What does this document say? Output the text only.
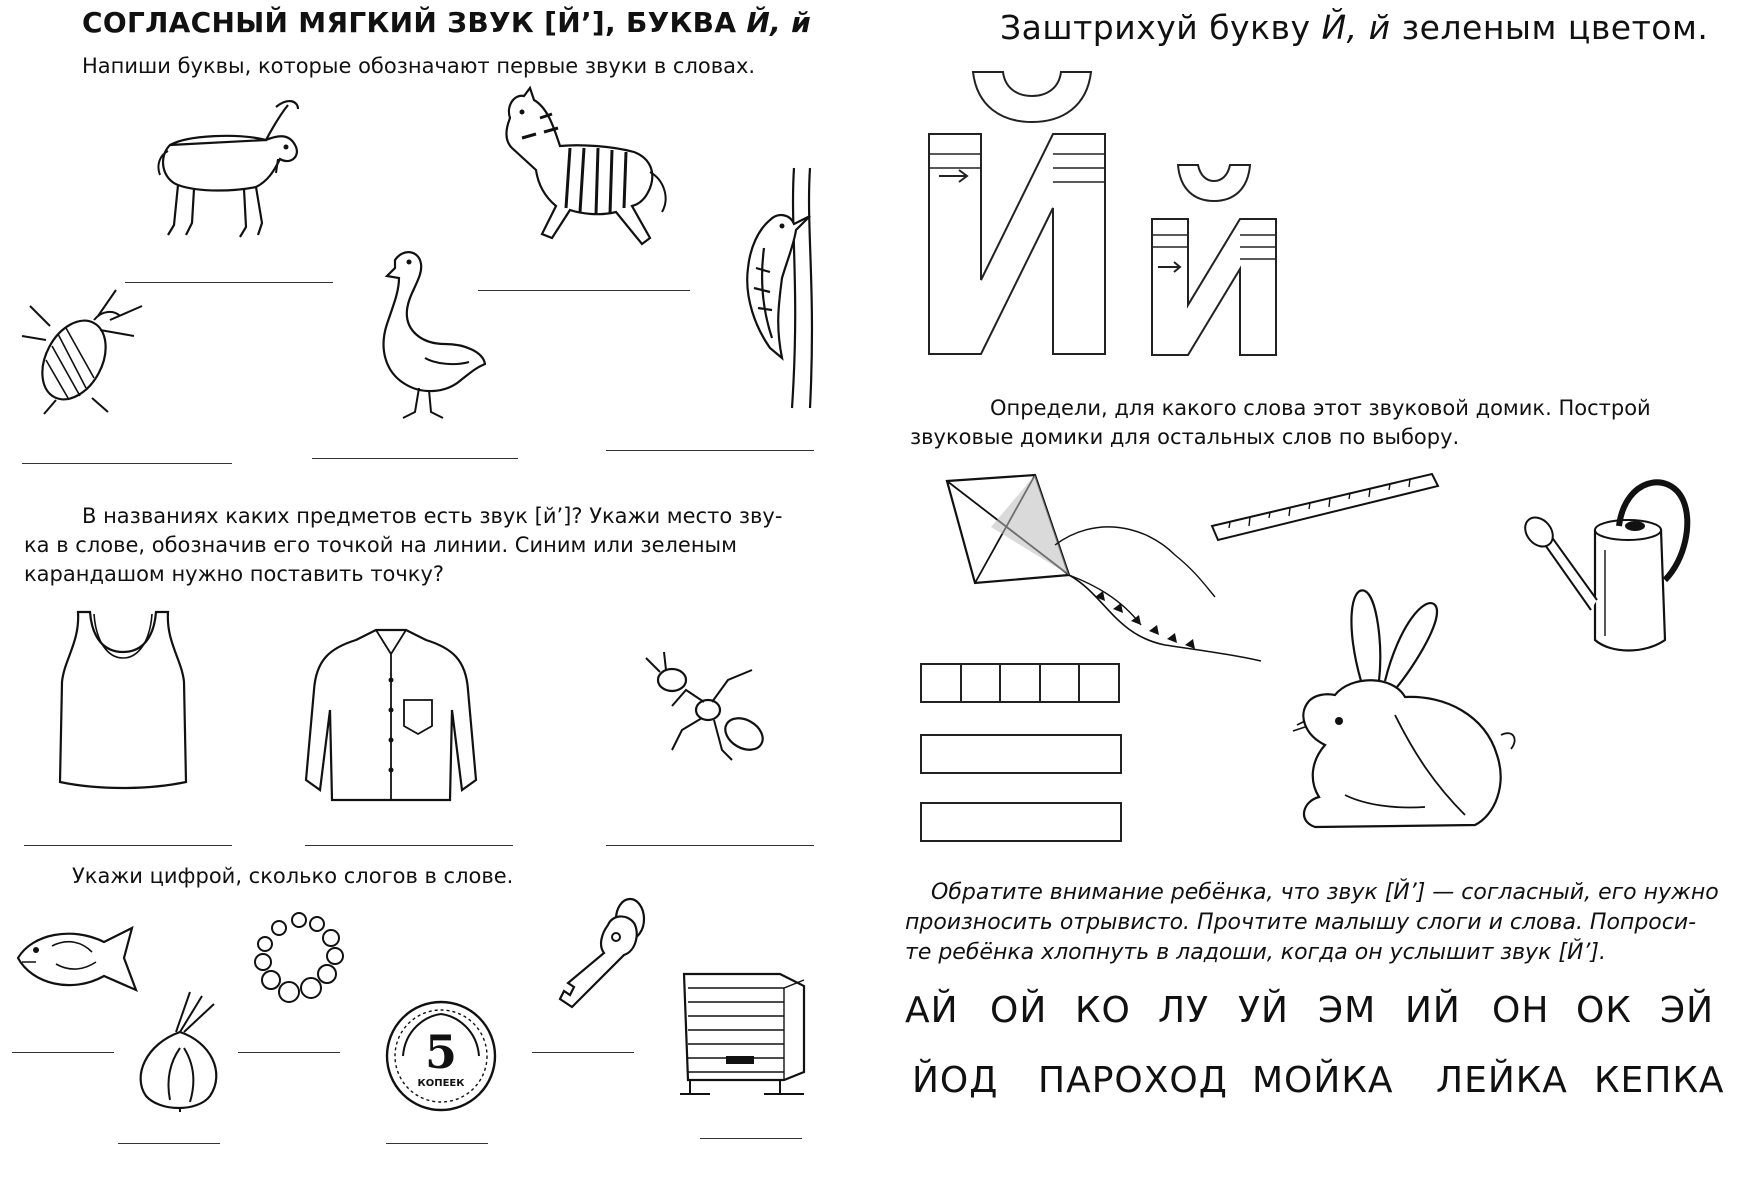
СОГЛАСНЫЙ МЯГКИЙ ЗВУК [Й’], БУКВА Й, й
Напиши буквы, которые обозначают первые звуки в словах.
В названиях каких предметов есть звук [й’]? Укажи место зву-
ка в слове, обозначив его точкой на линии. Синим или зеленым
карандашом нужно поставить точку?
Укажи цифрой, сколько слогов в слове.
5
КОПЕЕК
Заштрихуй букву Й, й зеленым цветом.
Определи, для какого слова этот звуковой домик. Построй
звуковые домики для остальных слов по выбору.
Обратите внимание ребёнка, что звук [Й’] — согласный, его нужно
произносить отрывисто. Прочтите малышу слоги и слова. Попроси-
те ребёнка хлопнуть в ладоши, когда он услышит звук [Й’].
АЙ ОЙ КО ЛУ УЙ ЭМ ИЙ ОН ОК ЭЙ
ЙОД ПАРОХОД МОЙКА ЛЕЙКА КЕПКА
